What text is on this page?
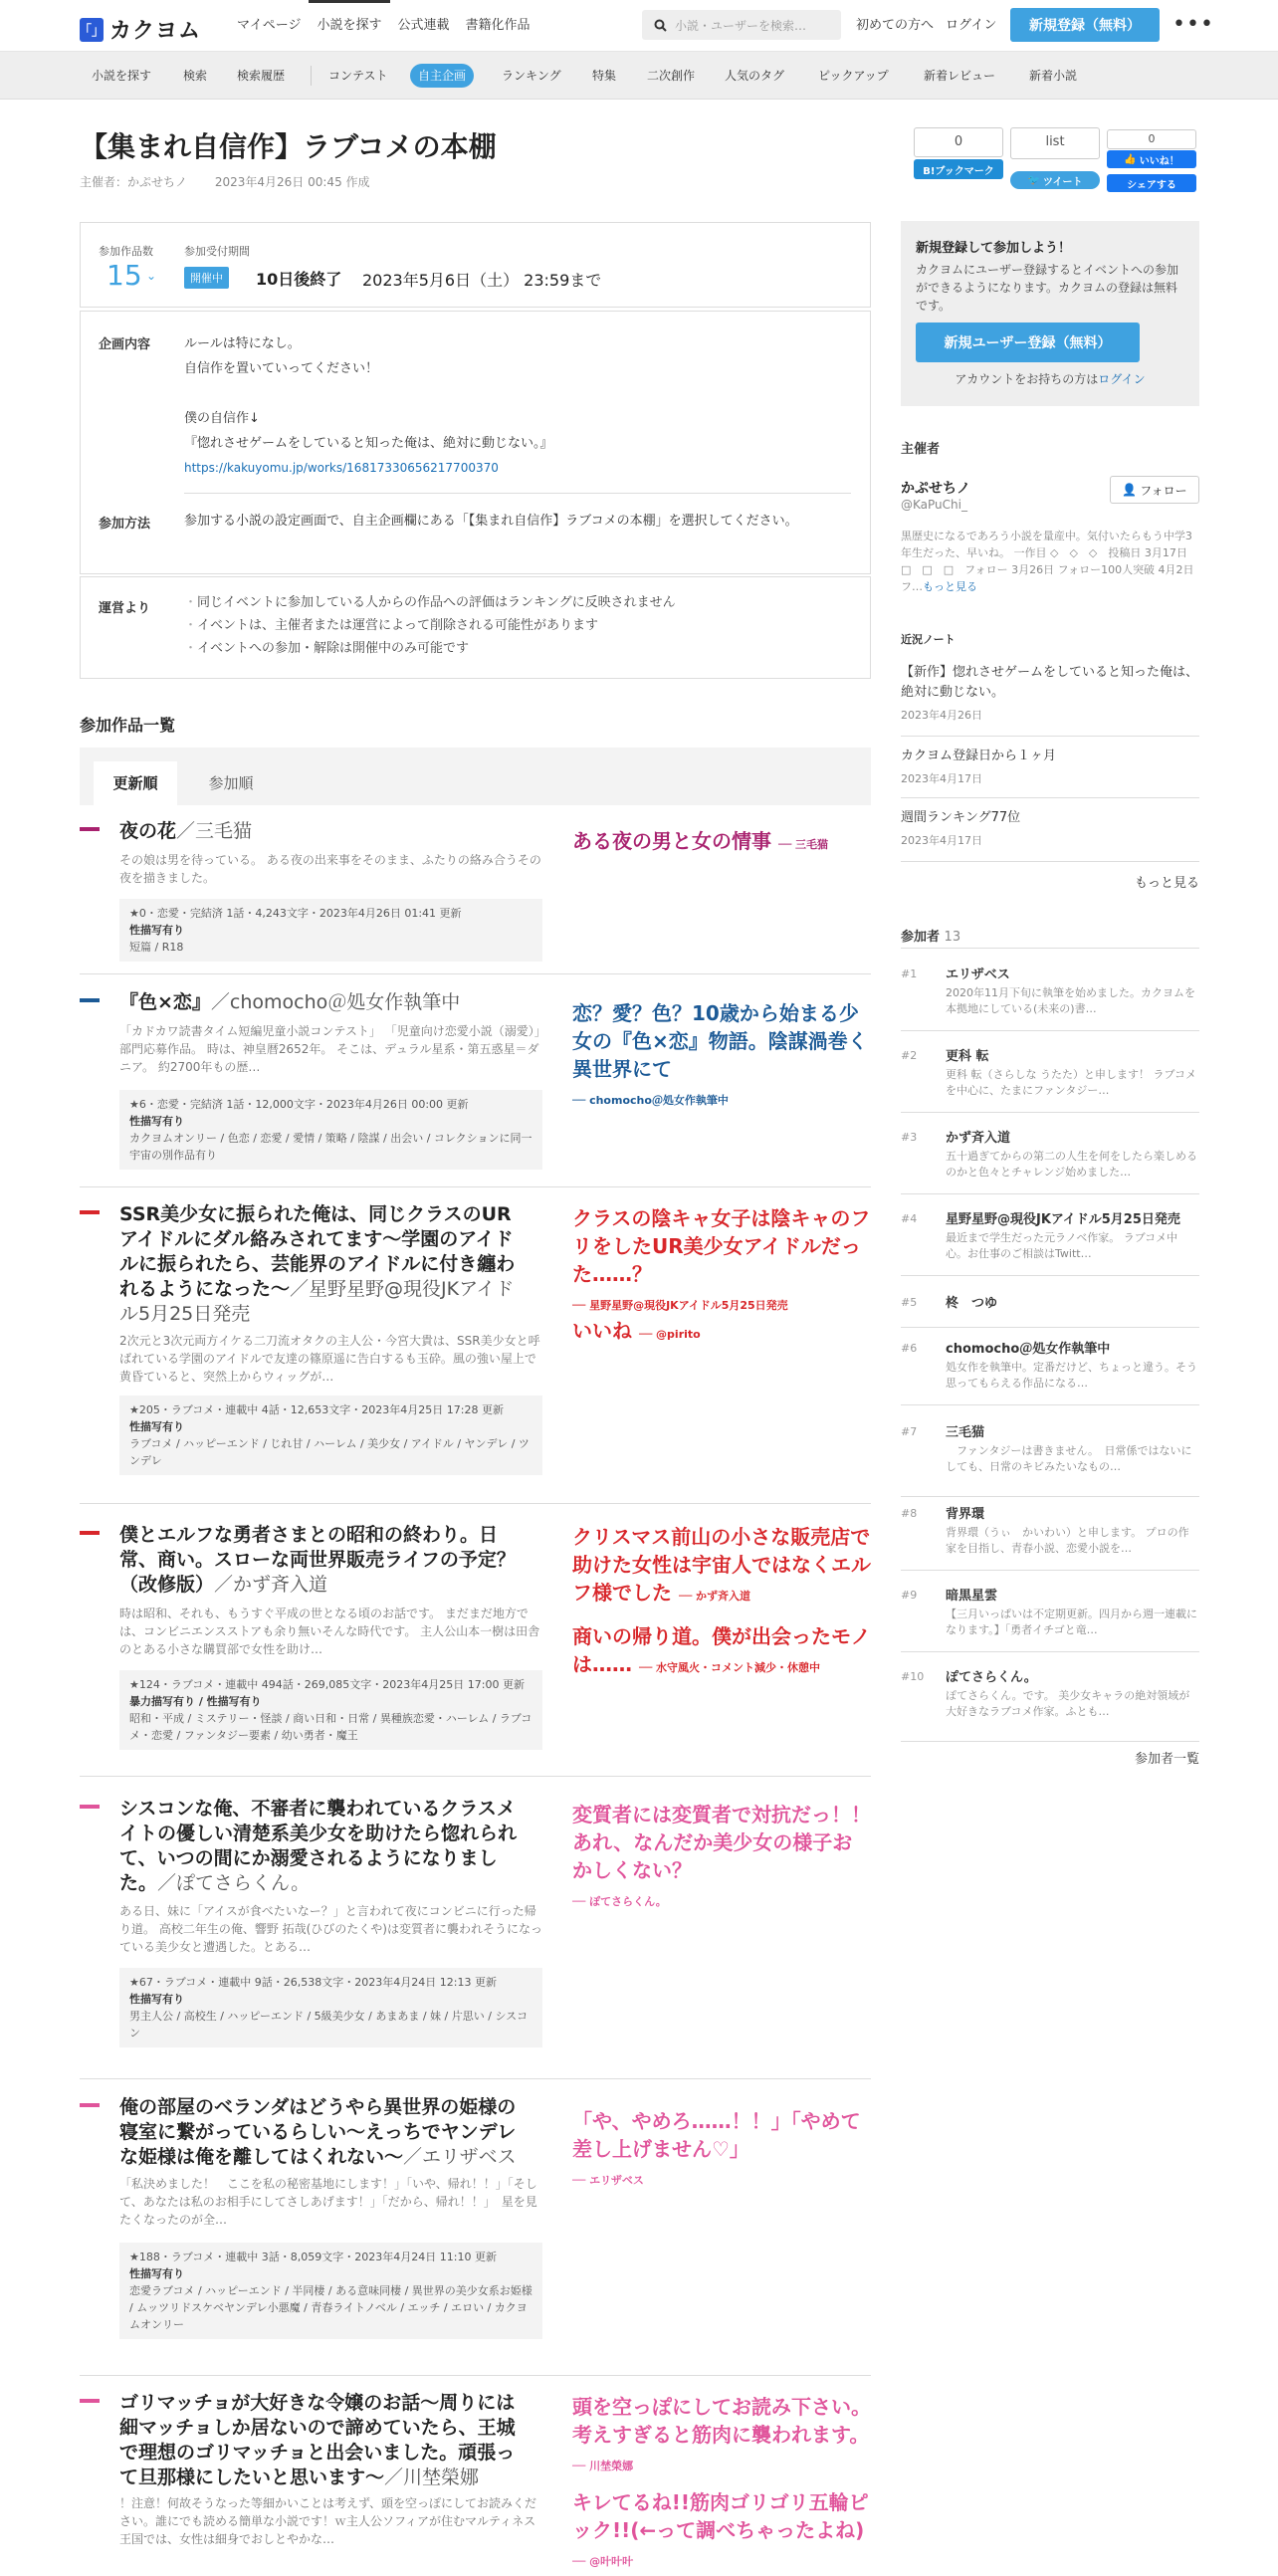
「」 カクヨム	マイページ	小説を探す	公式連載	書籍化作品	小説・ユーザーを検索…	初めての方へ ログイン	新規登録（無料）	•••
小説を探す	検索	検索履歴	コンテスト	自主企画	ランキング	特集	二次創作	人気のタグ	ピックアップ	新着レビュー	新着小説
【集まれ自信作】ラブコメの本棚
主催者：かぷせちノ 2023年4月26日 00:45 作成
参加作品数
15 ⌄
参加受付期間
開催中	10日後終了 2023年5月6日（土） 23:59まで
企画内容	ルールは特になし。
自信作を置いていってください！
僕の自信作↓
『惚れさせゲームをしていると知った俺は、絶対に動じない。』
https://kakuyomu.jp/works/16817330656217700370
参加方法	参加する小説の設定画面で、自主企画欄にある「【集まれ自信作】ラブコメの本棚」を選択してください。
運営より	・同じイベントに参加している人からの作品への評価はランキングに反映されません
・イベントは、主催者または運営によって削除される可能性があります
・イベントへの参加・解除は開催中のみ可能です
参加作品一覧
更新順	参加順
夜の花／三毛猫
その娘は男を待っている。 ある夜の出来事をそのまま、ふたりの絡み合うその夜を描きました。
★0・恋愛・完結済 1話・4,243文字・2023年4月26日 01:41 更新
性描写有り
短篇 / R18
ある夜の男と女の情事 ── 三毛猫
『色×恋』／chomocho＠処女作執筆中
「カドカワ読書タイム短編児童小説コンテスト」 「児童向け恋愛小説（溺愛）」部門応募作品。 時は、神皇暦2652年。 そこは、デュラル星系・第五惑星＝ダニア。 約2700年もの歴…
★6・恋愛・完結済 1話・12,000文字・2023年4月26日 00:00 更新
性描写有り
カクヨムオンリー / 色恋 / 恋愛 / 愛情 / 策略 / 陰謀 / 出会い / コレクションに同一宇宙の別作品有り
恋？愛？色？10歳から始まる少女の『色×恋』物語。陰謀渦巻く異世界にて
── chomocho＠処女作執筆中
SSR美少女に振られた俺は、同じクラスのUR アイドルにダル絡みされてます〜学園のアイドルに振られたら、芸能界のアイドルに付き纏われるようになった〜／星野星野@現役JKアイドル5月25日発売
2次元と3次元両方イケる二刀流オタクの主人公・今宮大貴は、SSR美少女と呼ばれている学園のアイドルで友達の篠原遥に告白するも玉砕。風の強い屋上で黄昏ていると、突然上からウィッグが…
★205・ラブコメ・連載中 4話・12,653文字・2023年4月25日 17:28 更新
性描写有り
ラブコメ / ハッピーエンド / じれ甘 / ハーレム / 美少女 / アイドル / ヤンデレ / ツンデレ
クラスの陰キャ女子は陰キャのフリをしたUR美少女アイドルだった……？
── 星野星野@現役JKアイドル5月25日発売
いいね ── @pirito
僕とエルフな勇者さまとの昭和の終わり。日常、商い。スローな両世界販売ライフの予定？（改修版）／かず斉入道
時は昭和、それも、もうすぐ平成の世となる頃のお話です。 まだまだ地方では、コンビニエンスストアも余り無いそんな時代です。 主人公山本一樹は田舎のとある小さな購買部で女性を助け…
★124・ラブコメ・連載中 494話・269,085文字・2023年4月25日 17:00 更新
暴力描写有り / 性描写有り
昭和・平成 / ミステリー・怪談 / 商い日和・日常 / 異種族恋愛・ハーレム / ラブコメ・恋愛 / ファンタジー要素 / 幼い勇者・魔王
クリスマス前山の小さな販売店で助けた女性は宇宙人ではなくエルフ様でした ── かず斉入道
商いの帰り道。僕が出会ったモノは…… ── 水守風火・コメント減少・休憩中
シスコンな俺、不審者に襲われているクラスメイトの優しい清楚系美少女を助けたら惚れられて、いつの間にか溺愛されるようになりました。／ぽてさらくん。
ある日、妹に「アイスが食べたいなー？」と言われて夜にコンビニに行った帰り道。 高校二年生の俺、響野 拓哉(ひびのたくや)は変質者に襲われそうになっている美少女と遭遇した。とある…
★67・ラブコメ・連載中 9話・26,538文字・2023年4月24日 12:13 更新
性描写有り
男主人公 / 高校生 / ハッピーエンド / 5級美少女 / あまあま / 妹 / 片思い / シスコン
変質者には変質者で対抗だっ！！あれ、なんだか美少女の様子おかしくない？
── ぽてさらくん。
俺の部屋のベランダはどうやら異世界の姫様の寝室に繋がっているらしい〜えっちでヤンデレな姫様は俺を離してはくれない〜／エリザベス
「私決めました！　ここを私の秘密基地にします！」「いや、帰れ！！」「そして、あなたは私のお相手にしてさしあげます！」「だから、帰れ！！」　星を見たくなったのが全…
★188・ラブコメ・連載中 3話・8,059文字・2023年4月24日 11:10 更新
性描写有り
恋愛ラブコメ / ハッピーエンド / 半同棲 / ある意味同棲 / 異世界の美少女系お姫様 / ムッツリドスケベヤンデレ小悪魔 / 青春ライトノベル / エッチ / エロい / カクヨムオンリー
「や、やめろ……！！」「やめて差し上げません♡」
── エリザベス
ゴリマッチョが大好きな令嬢のお話～周りには細マッチョしか居ないので諦めていたら、王城で理想のゴリマッチョと出会いました。頑張って旦那様にしたいと思います～／川埜榮娜
！注意！何故そうなった等細かいことは考えず、頭を空っぽにしてお読みください。誰にでも読める簡単な小説です！ｗ主人公ソフィアが住むマルティネス王国では、女性は細身でおしとやかな…
頭を空っぽにしてお読み下さい。考えすぎると筋肉に襲われます。 ── 川埜榮娜
キレてるね!!筋肉ゴリゴリ五輪ピック!!(←って調べちゃったよね) ── @叶叶叶
0
B!ブックマーク
list
🐦 ツイート
0
👍 いいね！
シェアする
新規登録して参加しよう！
カクヨムにユーザー登録するとイベントへの参加ができるようになります。カクヨムの登録は無料です。
新規ユーザー登録（無料）
アカウントをお持ちの方はログイン
主催者
かぷせちノ
@KaPuChi_
👤 フォロー
黒歴史になるであろう小説を量産中。気付いたらもう中学3年生だった、早いね。 一作目 ◇　◇　◇　投稿日 3月17日 □　□　□　フォロー 3月26日 フォロー100人突破 4月2日　フ…もっと見る
近況ノート
【新作】惚れさせゲームをしていると知った俺は、絶対に動じない。
2023年4月26日
カクヨム登録日から１ヶ月
2023年4月17日
週間ランキング77位
2023年4月17日
もっと見る
参加者 13
#1 エリザベス
2020年11月下旬に執筆を始めました。カクヨムを本拠地にしている(未来の)書…
#2 更科 転
更科 転（さらしな うたた）と申します！ ラブコメを中心に、たまにファンタジー…
#3 かず斉入道
五十過ぎてからの第二の人生を何をしたら楽しめるのかと色々とチャレンジ始めました…
#4 星野星野@現役JKアイドル5月25日発売
最近まで学生だった元ラノベ作家。 ラブコメ中心。お仕事のご相談はTwitt…
#5 柊　つゆ
#6 chomocho＠処女作執筆中
処女作を執筆中。定番だけど、ちょっと違う。そう思ってもらえる作品になる…
#7 三毛猫
　ファンタジーは書きません。　日常係ではないにしても、日常のキビみたいなもの…
#8 背界環
背界環（うぃ　かいわい）と申します。 プロの作家を目指し、青春小説、恋愛小説を…
#9 暗黒星雲
【三月いっぱいは不定期更新。四月から週一連載になります。】「勇者イチゴと竜…
#10 ぽてさらくん。
ぽてさらくん。です。 美少女キャラの絶対領域が大好きなラブコメ作家。ふとも…
参加者一覧
